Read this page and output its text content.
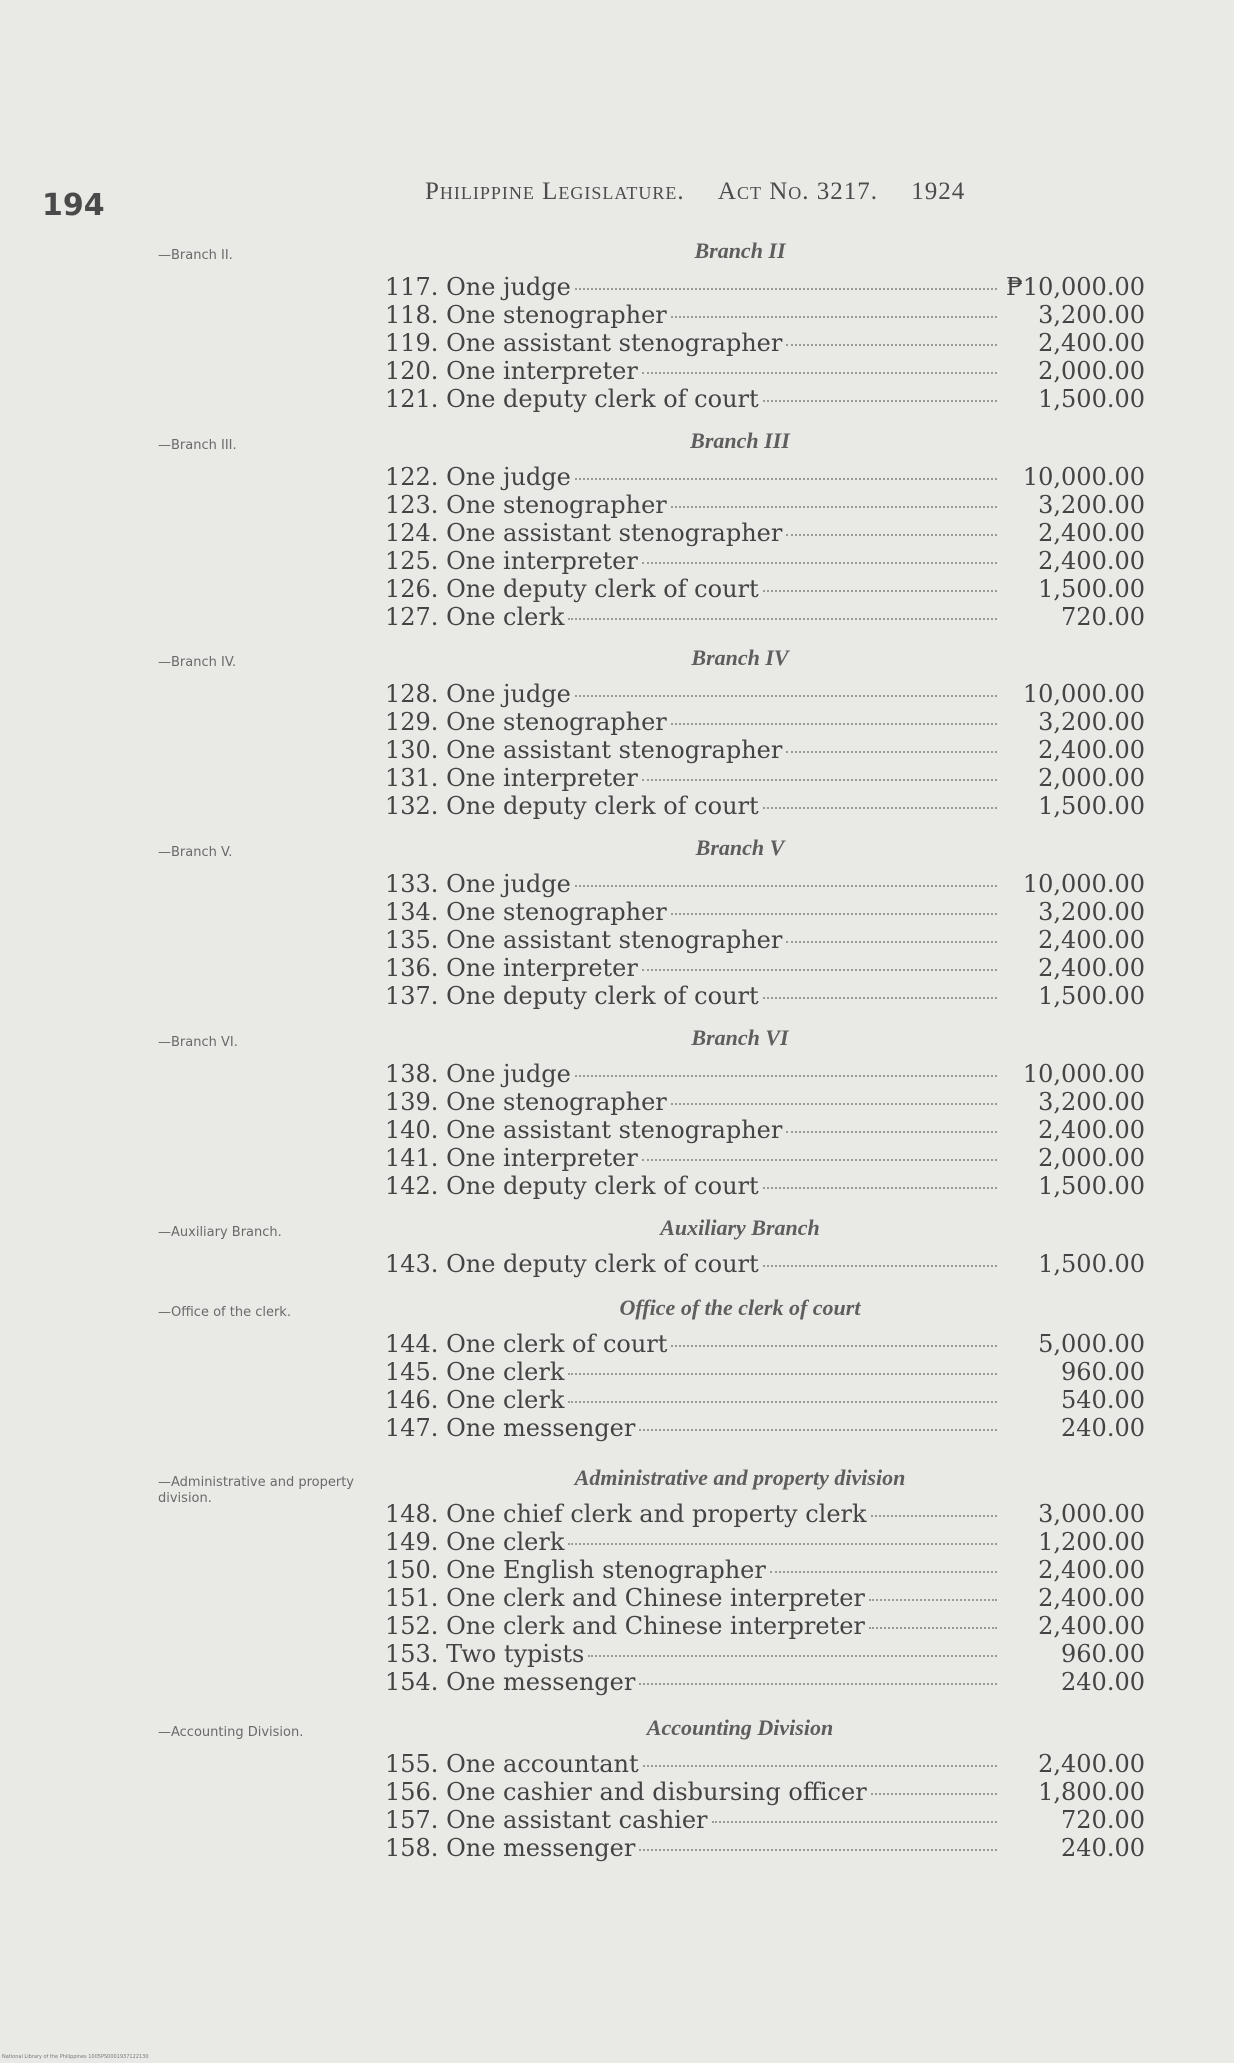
194	Philippine Legislature. Act No. 3217. 1924
—Branch II.	Branch II
117. One judge	₱10,000.00
118. One stenographer	3,200.00
119. One assistant stenographer	2,400.00
120. One interpreter	2,000.00
121. One deputy clerk of court	1,500.00
—Branch III.	Branch III
122. One judge	10,000.00
123. One stenographer	3,200.00
124. One assistant stenographer	2,400.00
125. One interpreter	2,400.00
126. One deputy clerk of court	1,500.00
127. One clerk	720.00
—Branch IV.	Branch IV
128. One judge	10,000.00
129. One stenographer	3,200.00
130. One assistant stenographer	2,400.00
131. One interpreter	2,000.00
132. One deputy clerk of court	1,500.00
—Branch V.	Branch V
133. One judge	10,000.00
134. One stenographer	3,200.00
135. One assistant stenographer	2,400.00
136. One interpreter	2,400.00
137. One deputy clerk of court	1,500.00
—Branch VI.	Branch VI
138. One judge	10,000.00
139. One stenographer	3,200.00
140. One assistant stenographer	2,400.00
141. One interpreter	2,000.00
142. One deputy clerk of court	1,500.00
—Auxiliary Branch.	Auxiliary Branch
143. One deputy clerk of court	1,500.00
—Office of the clerk.	Office of the clerk of court
144. One clerk of court	5,000.00
145. One clerk	960.00
146. One clerk	540.00
147. One messenger	240.00
—Administrative and property division.
Administrative and property division
148. One chief clerk and property clerk	3,000.00
149. One clerk	1,200.00
150. One English stenographer	2,400.00
151. One clerk and Chinese interpreter	2,400.00
152. One clerk and Chinese interpreter	2,400.00
153. Two typists	960.00
154. One messenger	240.00
—Accounting Division.	Accounting Division
155. One accountant	2,400.00
156. One cashier and disbursing officer	1,800.00
157. One assistant cashier	720.00
158. One messenger	240.00
National Library of the Philippines 1005PS0001937122130
